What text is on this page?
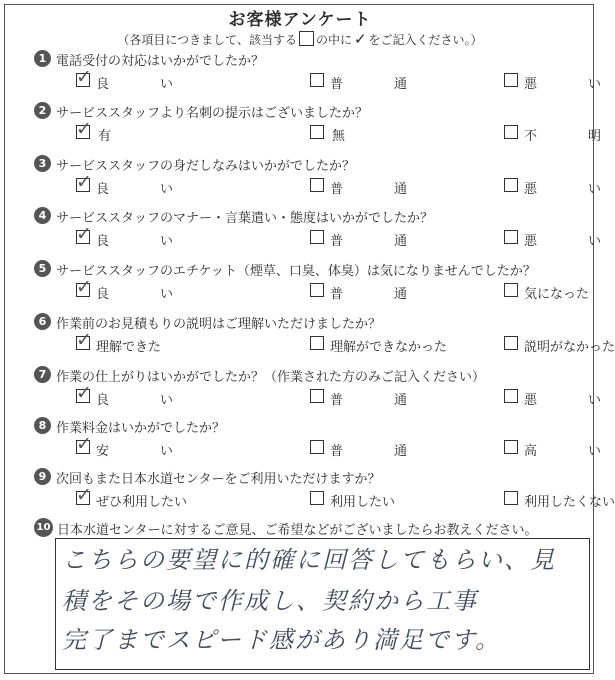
お客様アンケート
（各項目につきまして、該当する の中に ✓ をご記入ください。）
1 電話受付の対応はいかがでしたか？
✓ 良	い	普	通	悪	い
2 サービススタッフより名刺の提示はございましたか？
✓ 有	無	不 明
3 サービススタッフの身だしなみはいかがでしたか？
✓ 良	い	普	通	悪	い
4 サービススタッフのマナー・言葉遣い・態度はいかがでしたか？
✓ 良	い	普	通	悪	い
5 サービススタッフのエチケット（煙草、口臭、体臭）は気になりませんでしたか？
✓ 良	い	普	通	気になった
6 作業前のお見積もりの説明はご理解いただけましたか？
✓ 理解できた	理解ができなかった	説明がなかった
7 作業の仕上がりはいかがでしたか？（作業された方のみご記入ください）
✓ 良	い	普	通	悪	い
8 作業料金はいかがでしたか？
✓ 安	い	普	通	高	い
9 次回もまた日本水道センターをご利用いただけますか？
✓ ぜひ利用したい	利用したい	利用したくない
10 日本水道センターに対するご意見、ご希望などがございましたらお教えください。
こちらの要望に的確に回答してもらい、見
積をその場で作成し、契約から工事
完了までスピード感があり満足です。
